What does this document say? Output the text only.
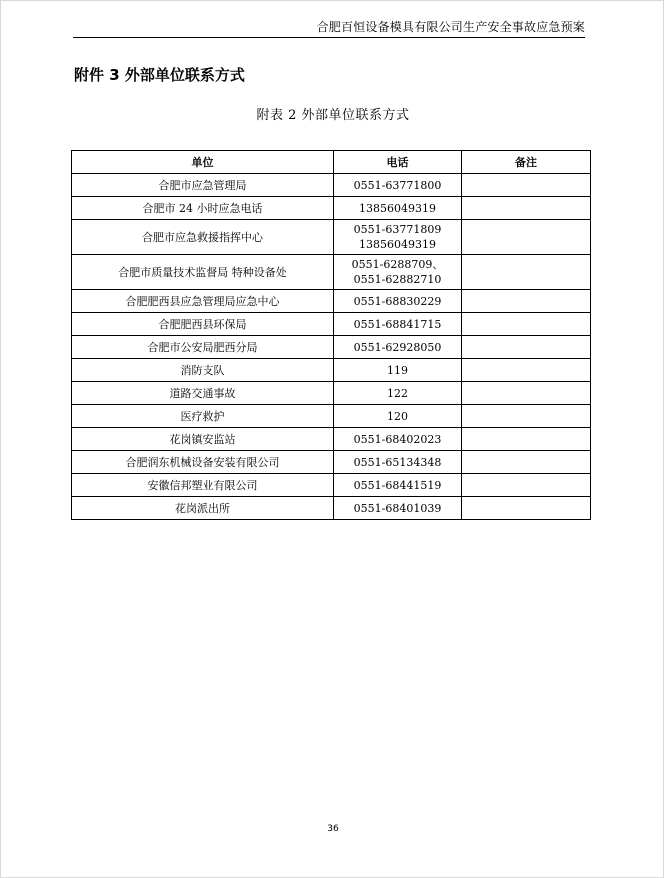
合肥百恒设备模具有限公司生产安全事故应急预案
附件 3 外部单位联系方式
附表 2 外部单位联系方式
单位	电话	备注
合肥市应急管理局	0551-63771800	

合肥市 24 小时应急电话	13856049319	

合肥市应急救援指挥中心	0551-63771809
13856049319	

合肥市质量技术监督局 特种设备处	0551-6288709、
0551-62882710	

合肥肥西县应急管理局应急中心	0551-68830229	

合肥肥西县环保局	0551-68841715	

合肥市公安局肥西分局	0551-62928050	

消防支队	119	

道路交通事故	122	

医疗救护	120	

花岗镇安监站	0551-68402023	

合肥润东机械设备安装有限公司	0551-65134348	

安徽信邦塑业有限公司	0551-68441519	

花岗派出所	0551-68401039	

36
